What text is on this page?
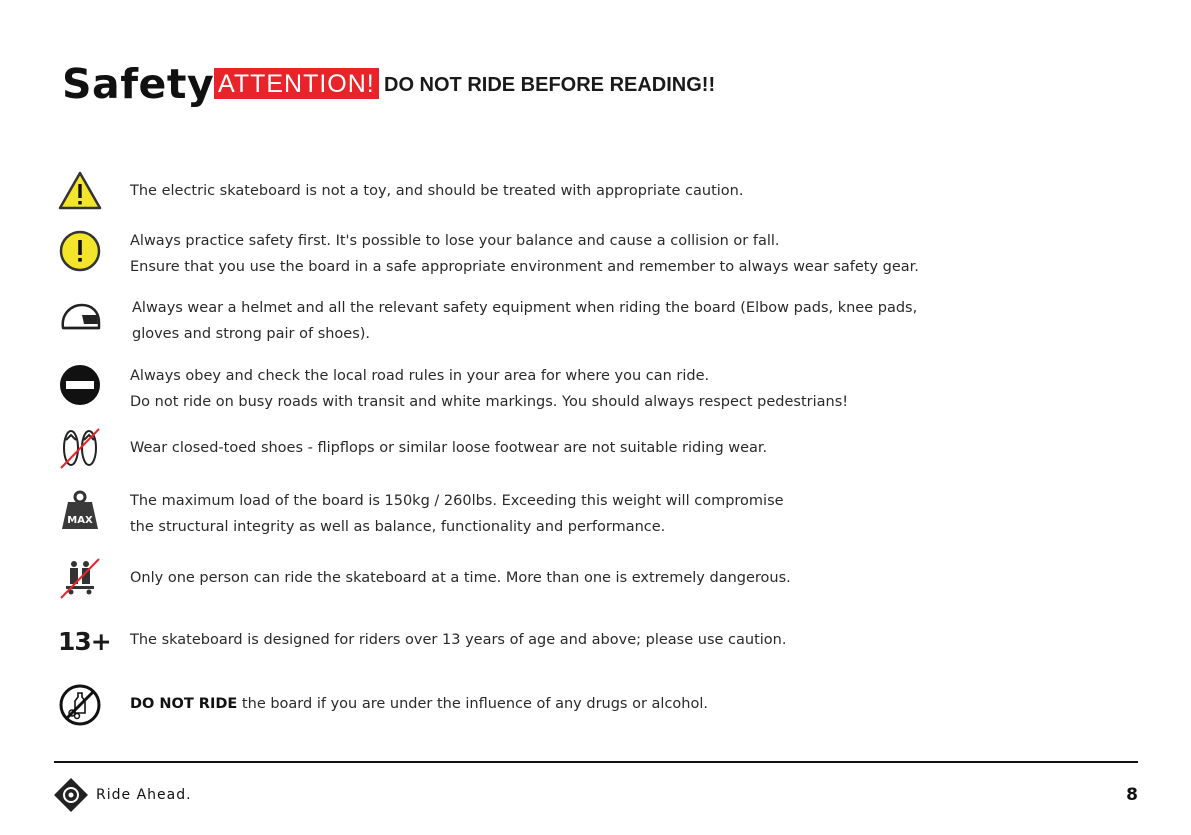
Safety ATTENTION! DO NOT RIDE BEFORE READING!!
The electric skateboard is not a toy, and should be treated with appropriate caution.
Always practice safety first. It's possible to lose your balance and cause a collision or fall.
Ensure that you use the board in a safe appropriate environment and remember to always wear safety gear.
Always wear a helmet and all the relevant safety equipment when riding the board (Elbow pads, knee pads,
gloves and strong pair of shoes).
Always obey and check the local road rules in your area for where you can ride.
Do not ride on busy roads with transit and white markings. You should always respect pedestrians!
Wear closed-toed shoes - flipflops or similar loose footwear are not suitable riding wear.
MAX
The maximum load of the board is 150kg / 260lbs. Exceeding this weight will compromise
the structural integrity as well as balance, functionality and performance.
Only one person can ride the skateboard at a time. More than one is extremely dangerous.
13+ The skateboard is designed for riders over 13 years of age and above; please use caution.
DO NOT RIDE the board if you are under the influence of any drugs or alcohol.
Ride Ahead.	8
